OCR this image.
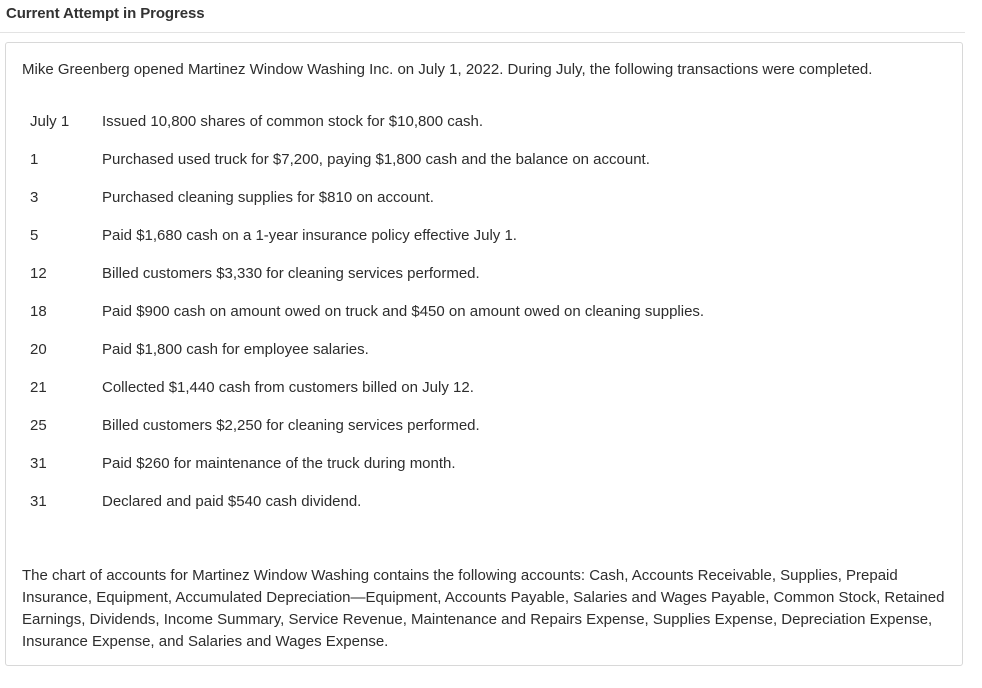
Current Attempt in Progress
Mike Greenberg opened Martinez Window Washing Inc. on July 1, 2022. During July, the following transactions were completed.
July 1 Issued 10,800 shares of common stock for $10,800 cash.
1	Purchased used truck for $7,200, paying $1,800 cash and the balance on account.
3	Purchased cleaning supplies for $810 on account.
5	Paid $1,680 cash on a 1-year insurance policy effective July 1.
12	Billed customers $3,330 for cleaning services performed.
18	Paid $900 cash on amount owed on truck and $450 on amount owed on cleaning supplies.
20	Paid $1,800 cash for employee salaries.
21	Collected $1,440 cash from customers billed on July 12.
25	Billed customers $2,250 for cleaning services performed.
31	Paid $260 for maintenance of the truck during month.
31	Declared and paid $540 cash dividend.
The chart of accounts for Martinez Window Washing contains the following accounts: Cash, Accounts Receivable, Supplies, Prepaid Insurance, Equipment, Accumulated Depreciation—Equipment, Accounts Payable, Salaries and Wages Payable, Common Stock, Retained Earnings, Dividends, Income Summary, Service Revenue, Maintenance and Repairs Expense, Supplies Expense, Depreciation Expense, Insurance Expense, and Salaries and Wages Expense.
